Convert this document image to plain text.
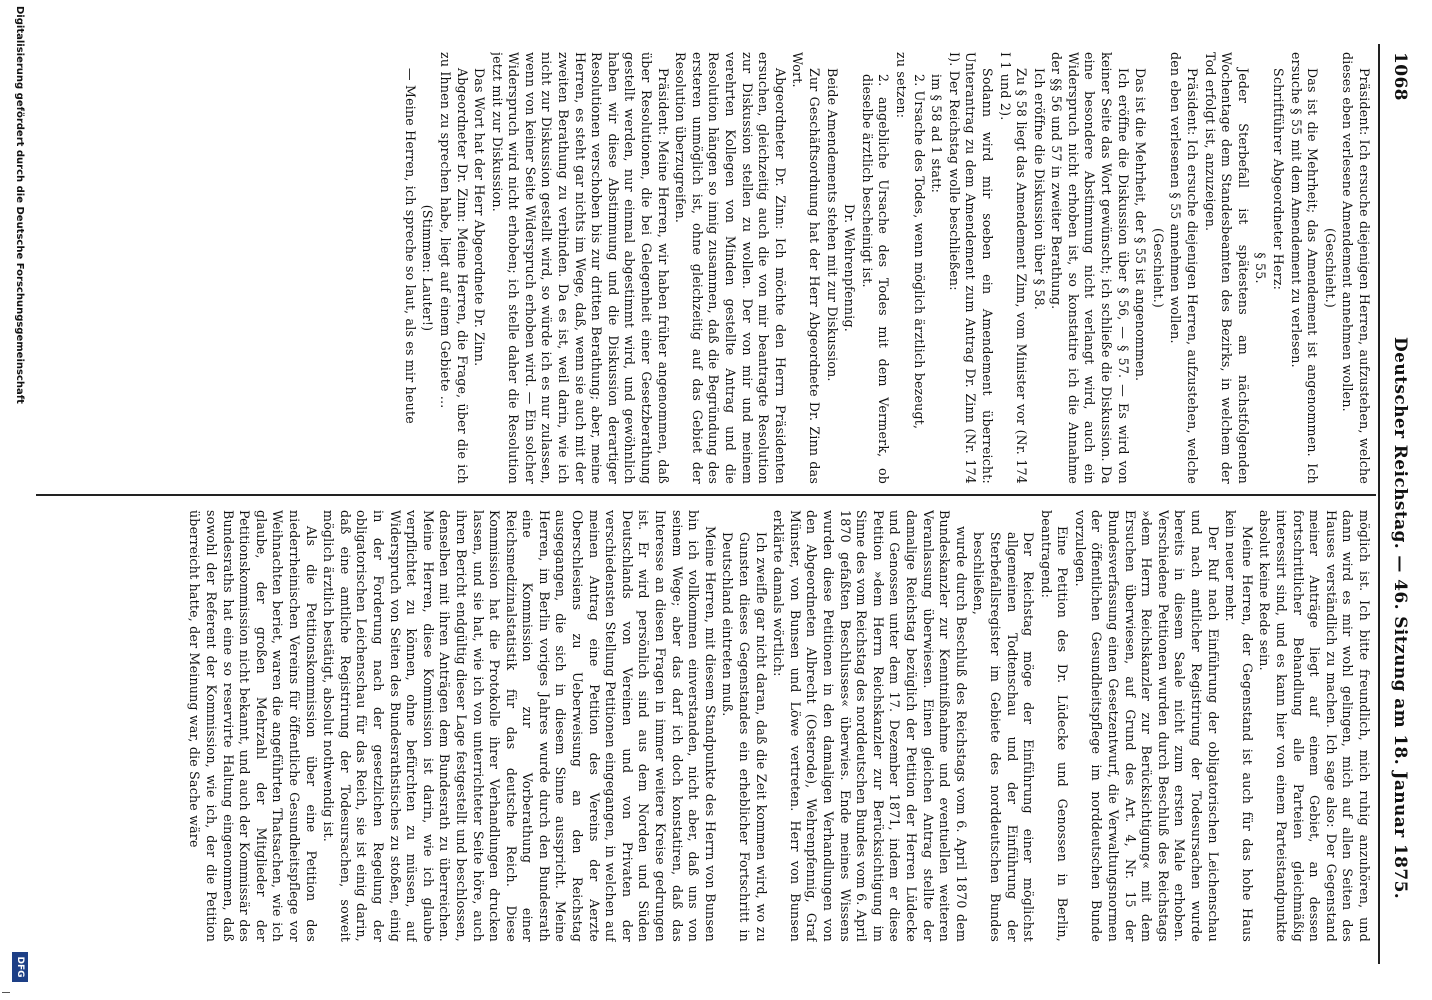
1068
Deutscher Reichstag. — 46. Sitzung am 18. Januar 1875.

Präsident: Ich ersuche diejenigen Herren, aufzustehen, welche dieses eben verlesene Amendement annehmen wollen.

(Geschieht.)

Das ist die Mehrheit; das Amendement ist angenommen. Ich ersuche § 55 mit dem Amendement zu verlesen.

Schriftführer Abgeordneter Herz:

§ 55.

Jeder Sterbefall ist spätestens am nächstfolgenden Wochentage dem Standesbeamten des Bezirks, in welchem der Tod erfolgt ist, anzuzeigen.

Präsident: Ich ersuche diejenigen Herren, aufzustehen, welche den eben verlesenen § 55 annehmen wollen.

(Geschieht.)

Das ist die Mehrheit, der § 55 ist angenommen.

Ich eröffne die Diskussion über § 56, — § 57. — Es wird von keiner Seite das Wort gewünscht; ich schließe die Diskussion. Da eine besondere Abstimmung nicht verlangt wird, auch ein Widerspruch nicht erhoben ist, so konstatire ich die Annahme der §§ 56 und 57 in zweiter Berathung.

Ich eröffne die Diskussion über § 58.

Zu § 58 liegt das Amendement Zinn, vom Minister vor (Nr. 174 I 1 und 2).

Sodann wird mir soeben ein Amendement überreicht: Unterantrag zu dem Amendement zum Antrag Dr. Zinn (Nr. 174 I). Der Reichstag wolle beschließen:

im § 58 ad 1 statt:

2. Ursache des Todes, wenn möglich ärztlich bezeugt,

zu setzen:

2. angebliche Ursache des Todes mit dem Vermerk, ob dieselbe ärztlich bescheinigt ist.

Dr. Wehrenpfennig.

Beide Amendements stehen mit zur Diskussion.

Zur Geschäftsordnung hat der Herr Abgeordnete Dr. Zinn das Wort.

Abgeordneter Dr. Zinn: Ich möchte den Herrn Präsidenten ersuchen, gleichzeitig auch die von mir beantragte Resolution zur Diskussion stellen zu wollen. Der von mir und meinem verehrten Kollegen von Minden gestellte Antrag und die Resolution hängen so innig zusammen, daß die Begründung des ersteren unmöglich ist, ohne gleichzeitig auf das Gebiet der Resolution überzugreifen.

Präsident: Meine Herren, wir haben früher angenommen, daß über Resolutionen, die bei Gelegenheit einer Gesetzberathung gestellt werden, nur einmal abgestimmt wird, und gewöhnlich haben wir diese Abstimmung und die Diskussion derartiger Resolutionen verschoben bis zur dritten Berathung; aber, meine Herren, es steht gar nichts im Wege, daß, wenn sie auch mit der zweiten Berathung zu verbinden. Da es ist, weil darin, wie ich nicht zur Diskussion gestellt wird, so würde ich es nur zulassen, wenn von keiner Seite Widerspruch erhoben wird. — Ein solcher Widerspruch wird nicht erhoben; ich stelle daher die Resolution jetzt mit zur Diskussion.

Das Wort hat der Herr Abgeordnete Dr. Zinn.

Abgeordneter Dr. Zinn: Meine Herren, die Frage, über die ich zu Ihnen zu sprechen habe, liegt auf einem Gebiete …

(Stimmen: Lauter!)

— Meine Herren, ich spreche so laut, als es mir heute

möglich ist. Ich bitte freundlich, mich ruhig anzuhören, und dann wird es mir wohl gelingen, mich auf allen Seiten des Hauses verständlich zu machen. Ich sage also: Der Gegenstand meiner Anträge liegt auf einem Gebiet, an dessen fortschrittlicher Behandlung alle Parteien gleichmäßig interessirt sind, und es kann hier von einem Parteistandpunkte absolut keine Rede sein.

Meine Herren, der Gegenstand ist auch für das hohe Haus kein neuer mehr.

Der Ruf nach Einführung der obligatorischen Leichenschau und nach amtlicher Registrirung der Todesursachen wurde bereits in diesem Saale nicht zum ersten Male erhoben. Verschiedene Petitionen wurden durch Beschluß des Reichstags »dem Herrn Reichskanzler zur Berücksichtigung« mit dem Ersuchen überwiesen, auf Grund des Art. 4, Nr. 15 der Bundesverfassung einen Gesetzentwurf, die Verwaltungsnormen der öffentlichen Gesundheitspflege im norddeutschen Bunde vorzulegen.

Eine Petition des Dr. Lüdecke und Genossen in Berlin, beantragend:

Der Reichstag möge der Einführung einer möglichst allgemeinen Todtenschau und der Einführung der Sterbefallsregister im Gebiete des norddeutschen Bundes beschließen,

wurde durch Beschluß des Reichstags vom 6. April 1870 dem Bundeskanzler zur Kenntnißnahme und eventuellen weiteren Veranlassung überwiesen. Einen gleichen Antrag stellte der damalige Reichstag bezüglich der Petition der Herren Lüdecke und Genossen unter dem 17. Dezember 1871, indem er diese Petition »dem Herrn Reichskanzler zur Berücksichtigung im Sinne des vom Reichstag des norddeutschen Bundes vom 6. April 1870 gefaßten Beschlusses« überwies. Ende meines Wissens wurden diese Petitionen in den damaligen Verhandlungen von den Abgeordneten Albrecht (Osterode), Wehrenpfennig, Graf Münster, von Bunsen und Löwe vertreten. Herr von Bunsen erklärte damals wörtlich:

Ich zweifle gar nicht daran, daß die Zeit kommen wird, wo zu Gunsten dieses Gegenstandes ein erheblicher Fortschritt in Deutschland eintreten muß.

Meine Herren, mit diesem Standpunkte des Herrn von Bunsen bin ich vollkommen einverstanden, nicht aber, daß uns von seinem Wege; aber das darf ich doch konstatiren, daß das Interesse an diesen Fragen in immer weitere Kreise gedrungen ist. Er wird persönlich sind aus dem Norden und Süden Deutschlands von Vereinen und von Privaten der verschiedensten Stellung Petitionen eingegangen, in welchen auf meinen Antrag eine Petition des Vereins der Aerzte Oberschlesiens zu Ueberweisung an den Reichstag ausgegangen, die sich in diesem Sinne ausspricht. Meine Herren, im Berlin voriges Jahres wurde durch den Bundesrath eine Kommission zur Vorberathung einer Reichsmedizinalstatistik für das deutsche Reich. Diese Kommission hat die Protokolle ihrer Verhandlungen drucken lassen, und sie hat, wie ich von unterrichteter Seite höre, auch ihren Bericht endgültig dieser Lage festgestellt und beschlossen, denselben mit ihren Anträgen dem Bundesrath zu überreichen. Meine Herren, diese Kommission ist darin, wie ich glaube verpflichtet zu können, ohne befürchten zu müssen, auf Widerspruch von Seiten des Bundesrathstisches zu stoßen, einig in der Forderung nach der gesetzlichen Regelung der obligatorischen Leichenschau für das Reich, sie ist einig darin, daß eine amtliche Registrirung der Todesursachen, soweit möglich ärztlich bestätigt, absolut nothwendig ist.

Als die Petitionskommission über eine Petition des niederrheinischen Vereins für öffentliche Gesundheitspflege vor Weihnachten beriet, waren die angeführten Thatsachen, wie ich glaube, der großen Mehrzahl der Mitglieder der Petitionskommission nicht bekannt, und auch der Kommissär des Bundesraths hat eine so reservirte Haltung eingenommen, daß sowohl der Referent der Kommission, wie ich, der die Petition überreicht hatte, der Meinung war, die Sache wäre

Digitalisierung gefördert durch die Deutsche Forschungsgemeinschaft
DFG
